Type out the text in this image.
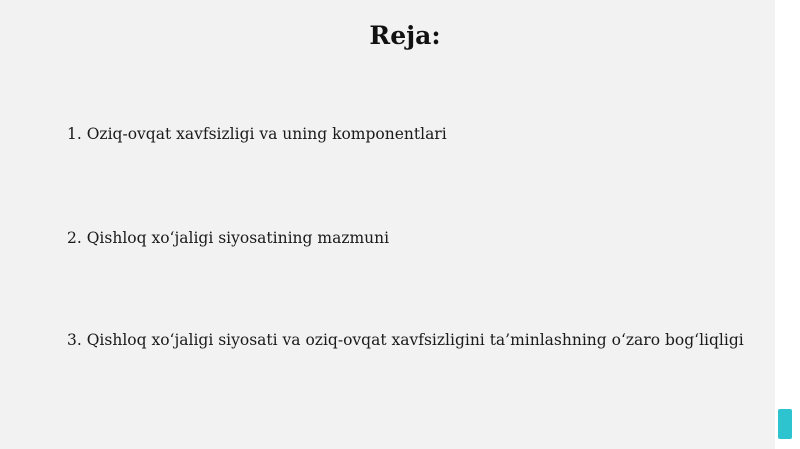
Reja:
1. Oziq-ovqat xavfsizligi va uning komponentlari
2. Qishloq xo‘jaligi siyosatining mazmuni
3. Qishloq xo‘jaligi siyosati va oziq-ovqat xavfsizligini ta’minlashning o‘zaro bog‘liqligi
